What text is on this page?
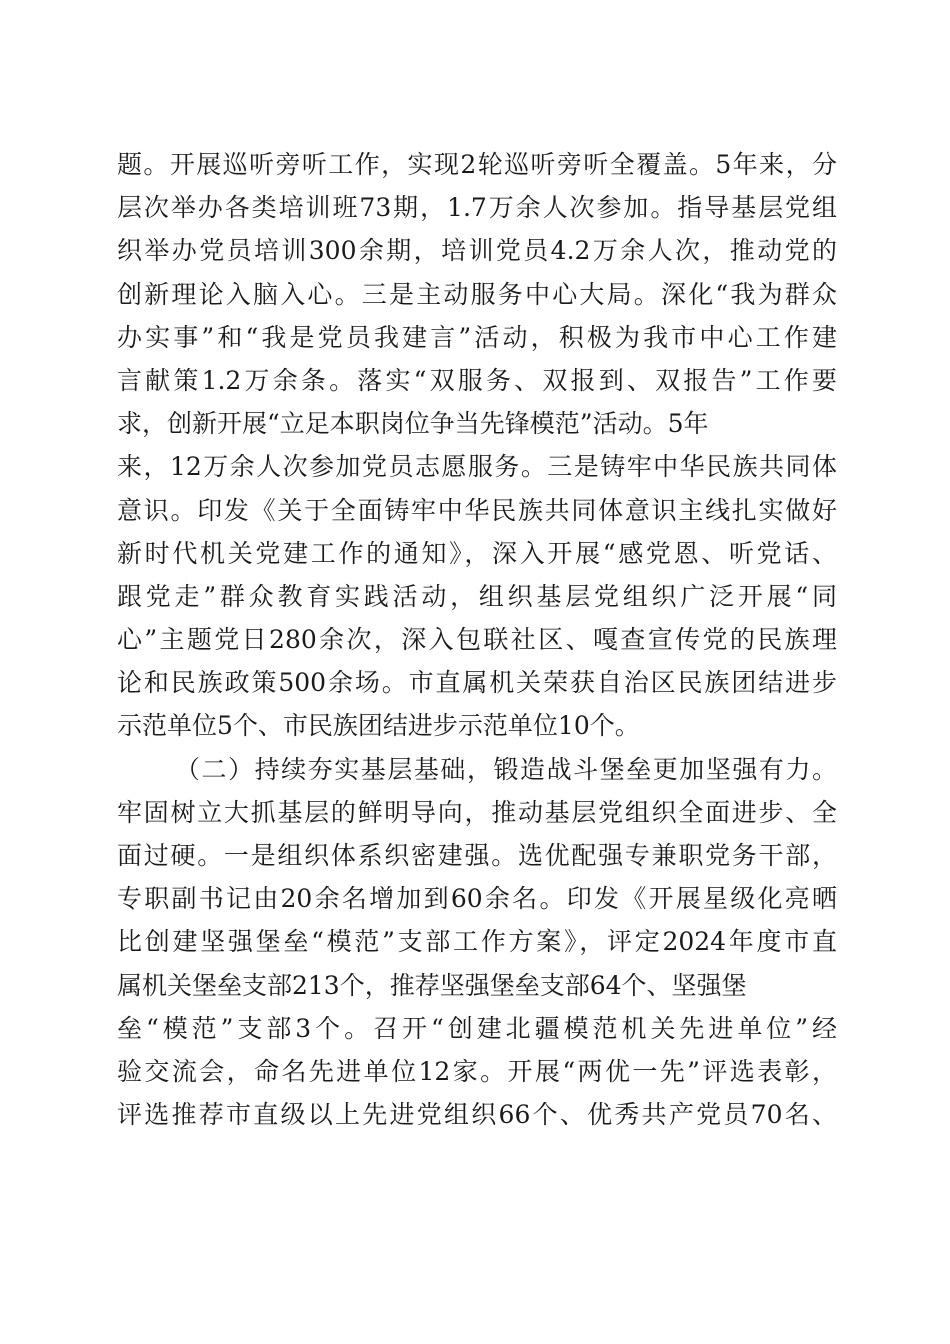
题。开展巡听旁听工作，实现2轮巡听旁听全覆盖。5年来，分
层次举办各类培训班73期，1.7万余人次参加。指导基层党组
织举办党员培训300余期，培训党员4.2万余人次，推动党的
创新理论入脑入心。三是主动服务中心大局。深化“我为群众
办实事”和“我是党员我建言”活动，积极为我市中心工作建
言献策1.2万余条。落实“双服务、双报到、双报告”工作要
求，创新开展“立足本职岗位争当先锋模范”活动。5年
来，12万余人次参加党员志愿服务。三是铸牢中华民族共同体
意识。印发《关于全面铸牢中华民族共同体意识主线扎实做好
新时代机关党建工作的通知》，深入开展“感党恩、听党话、
跟党走”群众教育实践活动，组织基层党组织广泛开展“同
心”主题党日280余次，深入包联社区、嘎查宣传党的民族理
论和民族政策500余场。市直属机关荣获自治区民族团结进步
示范单位5个、市民族团结进步示范单位10个。
（二）持续夯实基层基础，锻造战斗堡垒更加坚强有力。
牢固树立大抓基层的鲜明导向，推动基层党组织全面进步、全
面过硬。一是组织体系织密建强。选优配强专兼职党务干部，
专职副书记由20余名增加到60余名。印发《开展星级化亮晒
比创建坚强堡垒“模范”支部工作方案》，评定2024年度市直
属机关堡垒支部213个，推荐坚强堡垒支部64个、坚强堡
垒“模范”支部3个。召开“创建北疆模范机关先进单位”经
验交流会，命名先进单位12家。开展“两优一先”评选表彰，
评选推荐市直级以上先进党组织66个、优秀共产党员70名、
